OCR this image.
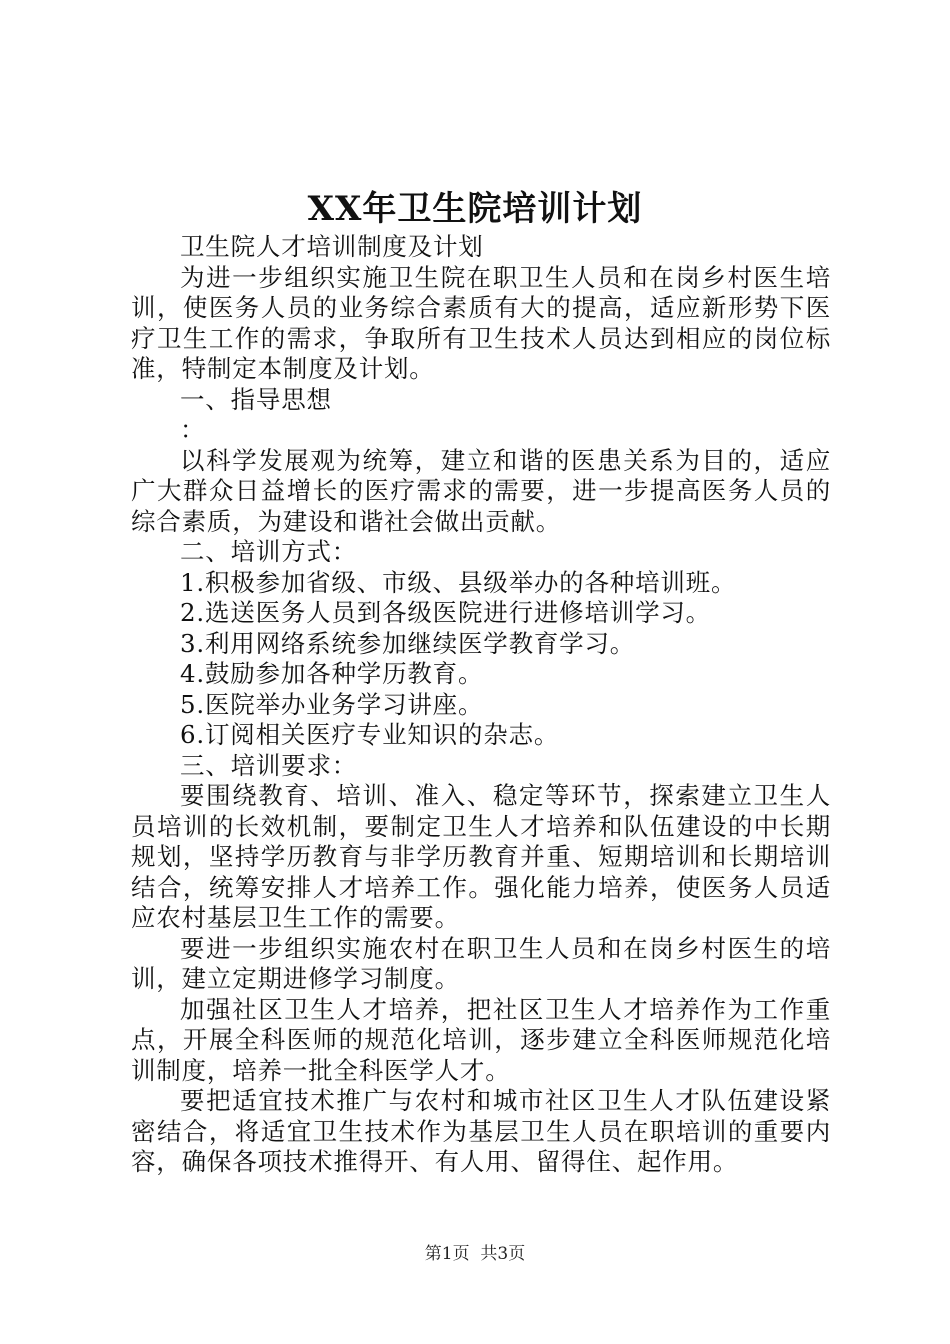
XX年卫生院培训计划

卫生院人才培训制度及计划

为进一步组织实施卫生院在职卫生人员和在岗乡村医生培训，使医务人员的业务综合素质有大的提高，适应新形势下医疗卫生工作的需求，争取所有卫生技术人员达到相应的岗位标准，特制定本制度及计划。

一、指导思想

：

以科学发展观为统筹，建立和谐的医患关系为目的，适应广大群众日益增长的医疗需求的需要，进一步提高医务人员的综合素质，为建设和谐社会做出贡献。

二、培训方式：

1.积极参加省级、市级、县级举办的各种培训班。

2.选送医务人员到各级医院进行进修培训学习。

3.利用网络系统参加继续医学教育学习。

4.鼓励参加各种学历教育。

5.医院举办业务学习讲座。

6.订阅相关医疗专业知识的杂志。

三、培训要求：

要围绕教育、培训、准入、稳定等环节，探索建立卫生人员培训的长效机制，要制定卫生人才培养和队伍建设的中长期规划，坚持学历教育与非学历教育并重、短期培训和长期培训结合，统筹安排人才培养工作。强化能力培养，使医务人员适应农村基层卫生工作的需要。

要进一步组织实施农村在职卫生人员和在岗乡村医生的培训，建立定期进修学习制度。

加强社区卫生人才培养，把社区卫生人才培养作为工作重点，开展全科医师的规范化培训，逐步建立全科医师规范化培训制度，培养一批全科医学人才。

要把适宜技术推广与农村和城市社区卫生人才队伍建设紧密结合，将适宜卫生技术作为基层卫生人员在职培训的重要内容，确保各项技术推得开、有人用、留得住、起作用。

第1页  共3页
